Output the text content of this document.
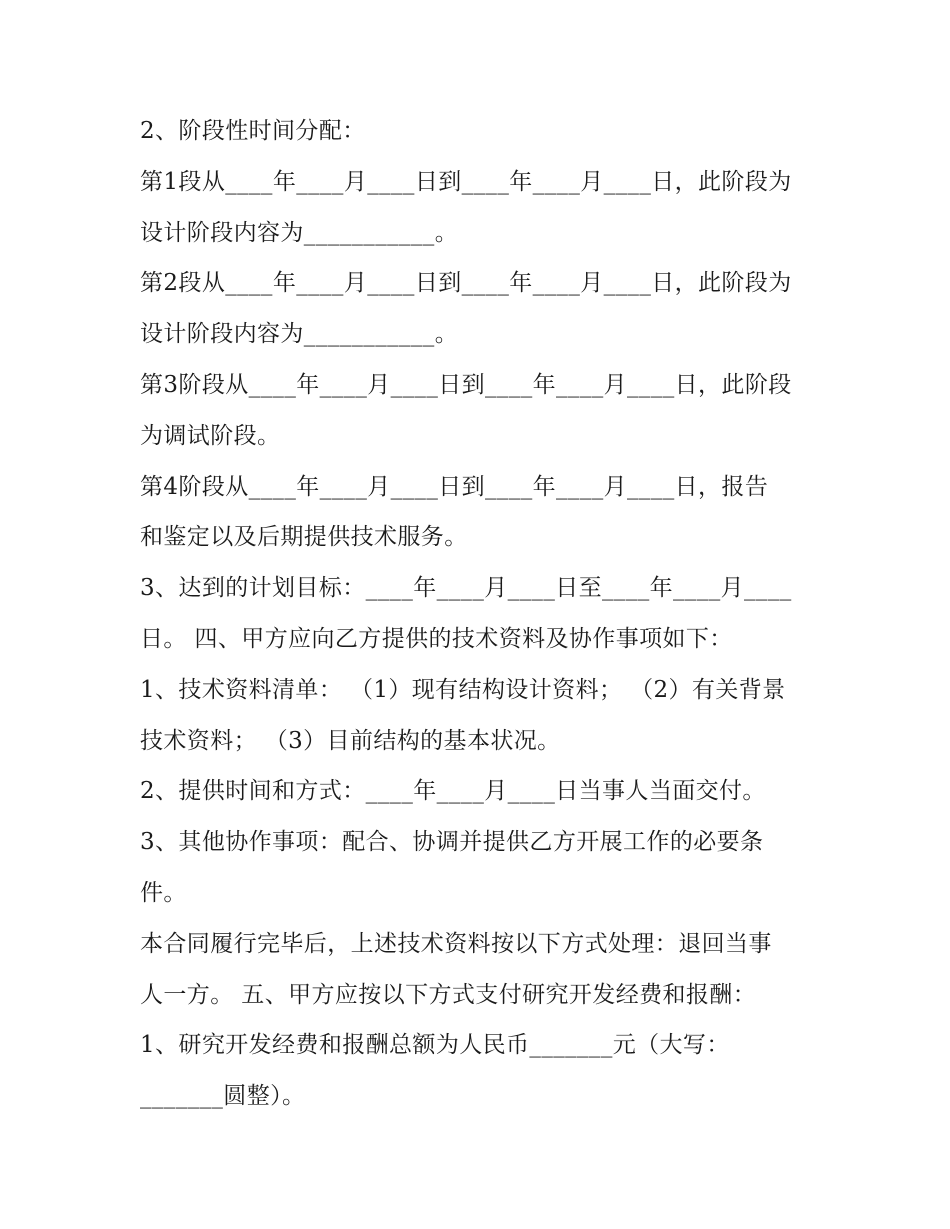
2、阶段性时间分配：
第1段从____年____月____日到____年____月____日，此阶段为
设计阶段内容为___________。
第2段从____年____月____日到____年____月____日，此阶段为
设计阶段内容为___________。
第3阶段从____年____月____日到____年____月____日，此阶段
为调试阶段。
第4阶段从____年____月____日到____年____月____日，报告
和鉴定以及后期提供技术服务。
3、达到的计划目标：____年____月____日至____年____月____
日。 四、甲方应向乙方提供的技术资料及协作事项如下：
1、技术资料清单： （1）现有结构设计资料； （2）有关背景
技术资料； （3）目前结构的基本状况。
2、提供时间和方式：____年____月____日当事人当面交付。
3、其他协作事项：配合、协调并提供乙方开展工作的必要条
件。
本合同履行完毕后，上述技术资料按以下方式处理：退回当事
人一方。 五、甲方应按以下方式支付研究开发经费和报酬：
1、研究开发经费和报酬总额为人民币_______元（大写：
_______圆整）。
